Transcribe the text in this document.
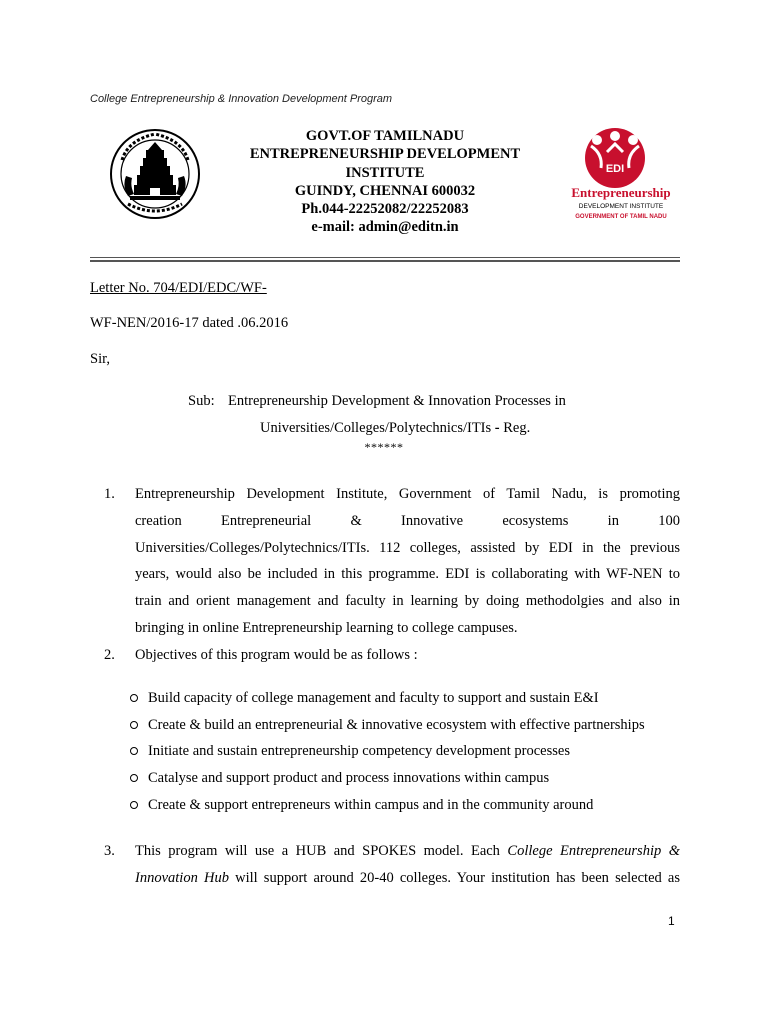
College Entrepreneurship & Innovation Development Program
GOVT.OF TAMILNADU
ENTREPRENEURSHIP DEVELOPMENT
INSTITUTE
GUINDY, CHENNAI 600032
Ph.044-22252082/22252083
e-mail: admin@editn.in
EDI
Entrepreneurship
DEVELOPMENT INSTITUTE
GOVERNMENT OF TAMIL NADU
Letter No. 704/EDI/EDC/WF-
WF-NEN/2016-17 dated .06.2016
Sir,
Sub: Entrepreneurship Development & Innovation Processes in
Universities/Colleges/Polytechnics/ITIs - Reg.
******
1. Entrepreneurship Development Institute, Government of Tamil Nadu, is promoting
creation Entrepreneurial & Innovative ecosystems in 100
Universities/Colleges/Polytechnics/ITIs. 112 colleges, assisted by EDI in the previous
years, would also be included in this programme. EDI is collaborating with WF-NEN to
train and orient management and faculty in learning by doing methodolgies and also in
bringing in online Entrepreneurship learning to college campuses.
2. Objectives of this program would be as follows :
Build capacity of college management and faculty to support and sustain E&I
Create & build an entrepreneurial & innovative ecosystem with effective partnerships
Initiate and sustain entrepreneurship competency development processes
Catalyse and support product and process innovations within campus
Create & support entrepreneurs within campus and in the community around
3. This program will use a HUB and SPOKES model. Each College Entrepreneurship &
Innovation Hub will support around 20-40 colleges. Your institution has been selected as
1
